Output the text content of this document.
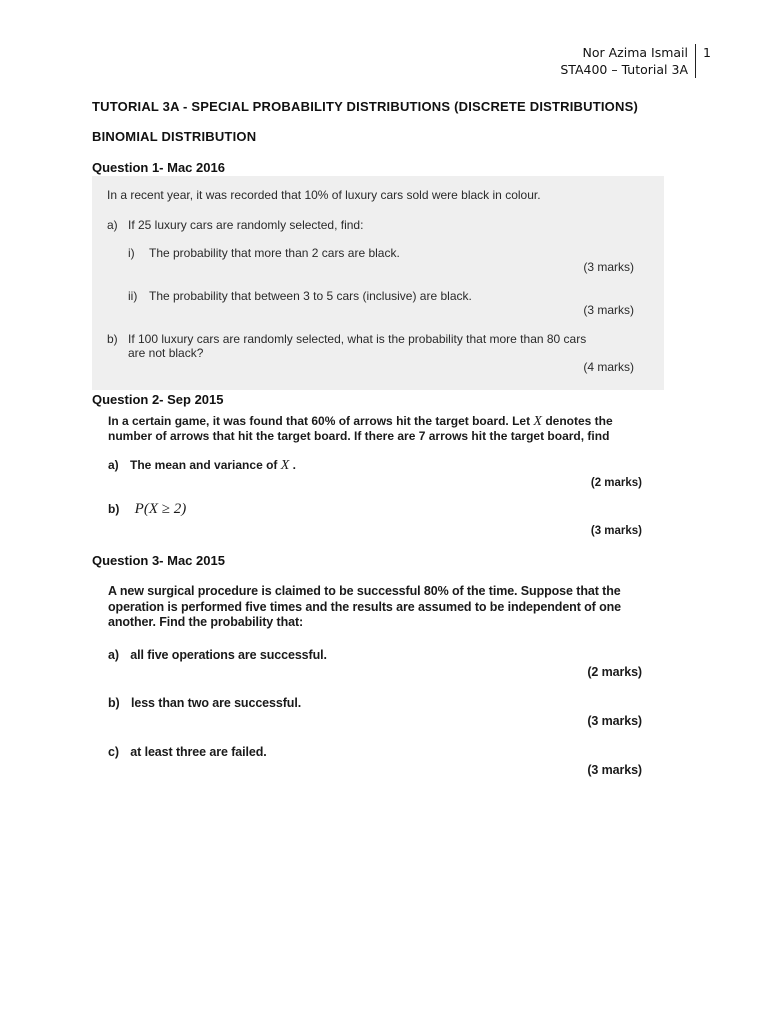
Nor Azima Ismail
STA400 – Tutorial 3A
1
TUTORIAL 3A - SPECIAL PROBABILITY DISTRIBUTIONS (DISCRETE DISTRIBUTIONS)
BINOMIAL DISTRIBUTION
Question 1- Mac 2016
In a recent year, it was recorded that 10% of luxury cars sold were black in colour.
a) If 25 luxury cars are randomly selected, find:
i) The probability that more than 2 cars are black.
(3 marks)
ii) The probability that between 3 to 5 cars (inclusive) are black.
(3 marks)
b) If 100 luxury cars are randomly selected, what is the probability that more than 80 cars
are not black?
(4 marks)
Question 2- Sep 2015
In a certain game, it was found that 60% of arrows hit the target board. Let X denotes the
number of arrows that hit the target board. If there are 7 arrows hit the target board, find
a) The mean and variance of X .
(2 marks)
b) P(X ≥ 2)
(3 marks)
Question 3- Mac 2015
A new surgical procedure is claimed to be successful 80% of the time. Suppose that the
operation is performed five times and the results are assumed to be independent of one
another. Find the probability that:
a) all five operations are successful.
(2 marks)
b) less than two are successful.
(3 marks)
c) at least three are failed.
(3 marks)
